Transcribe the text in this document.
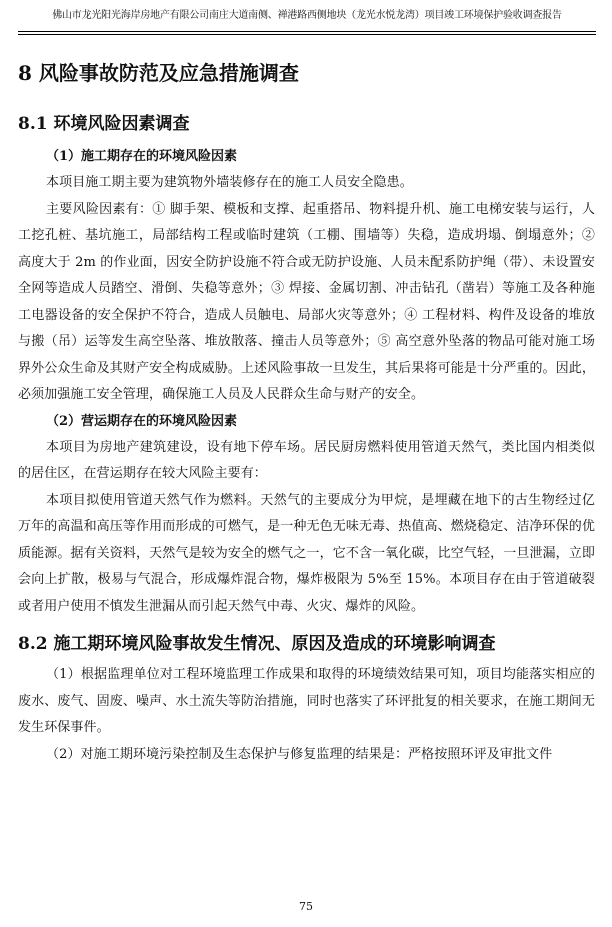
佛山市龙光阳光海岸房地产有限公司南庄大道南侧、禅港路西侧地块（龙光水悦龙湾）项目竣工环境保护验收调查报告
8 风险事故防范及应急措施调查
8.1 环境风险因素调查
（1）施工期存在的环境风险因素

本项目施工期主要为建筑物外墙装修存在的施工人员安全隐患。

主要风险因素有：① 脚手架、模板和支撑、起重搭吊、物料提升机、施工电梯安装与运行，人工挖孔桩、基坑施工，局部结构工程或临时建筑（工棚、围墙等）失稳，造成坍塌、倒塌意外；② 高度大于 2m 的作业面，因安全防护设施不符合或无防护设施、人员未配系防护绳（带）、未设置安全网等造成人员踏空、滑倒、失稳等意外；③ 焊接、金属切割、冲击钻孔（凿岩）等施工及各种施工电器设备的安全保护不符合，造成人员触电、局部火灾等意外；④ 工程材料、构件及设备的堆放与搬（吊）运等发生高空坠落、堆放散落、撞击人员等意外；⑤ 高空意外坠落的物品可能对施工场界外公众生命及其财产安全构成威胁。上述风险事故一旦发生，其后果将可能是十分严重的。因此，必须加强施工安全管理，确保施工人员及人民群众生命与财产的安全。

（2）营运期存在的环境风险因素

本项目为房地产建筑建设，设有地下停车场。居民厨房燃料使用管道天然气，类比国内相类似的居住区，在营运期存在较大风险主要有：

本项目拟使用管道天然气作为燃料。天然气的主要成分为甲烷，是埋藏在地下的古生物经过亿万年的高温和高压等作用而形成的可燃气，是一种无色无味无毒、热值高、燃烧稳定、洁净环保的优质能源。据有关资料，天然气是较为安全的燃气之一，它不含一氧化碳，比空气轻，一旦泄漏，立即会向上扩散，极易与气混合，形成爆炸混合物，爆炸极限为 5%至 15%。本项目存在由于管道破裂或者用户使用不慎发生泄漏从而引起天然气中毒、火灾、爆炸的风险。

8.2 施工期环境风险事故发生情况、原因及造成的环境影响调查

（1）根据监理单位对工程环境监理工作成果和取得的环境绩效结果可知，项目均能落实相应的废水、废气、固废、噪声、水土流失等防治措施，同时也落实了环评批复的相关要求，在施工期间无发生环保事件。

（2）对施工期环境污染控制及生态保护与修复监理的结果是：严格按照环评及审批文件

75
